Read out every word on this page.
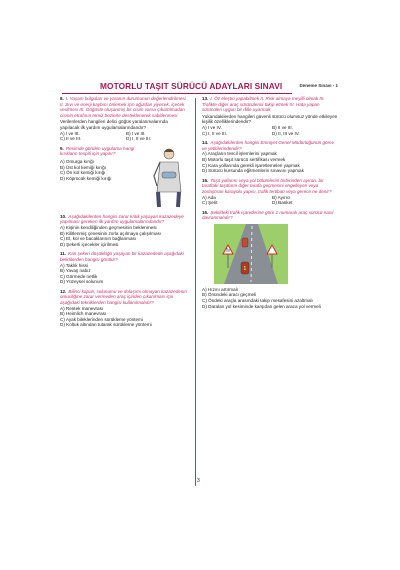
MOTORLU TAŞIT SÜRÜCÜ ADAYLARI SINAVI	Deneme Sınavı - 1
8. I. Yaşam bulguları ve yaranın durumunun değerlendirilmesi II. Sıvı ve enerji kaybını önlemek için ağızdan yiyecek, içecek verilmesi III. Göğüste oluşanmış bir cisim varsa çıkartılmadan cismin etrafının temiz bezlerle desteklenerek sabitlenmesi
Verilenlerden hangileri delici göğüs yaralanmalarında yapılacak ilk yardım uygulamalarındandır?
A) I ve III.	B) I ve III.
C) II ve III.	D) I, II ve III.
9. Resimde görülen uygulama hangi kırıkların tespiti için yapılır?
A) Omurga kırığı
B) Üst kol kemiği kırığı
C) Ön kol kemiği kırığı
D) Köprücük kemiği kırığı
10. Aşağıdakilerden hangisi zarar kritik yaşayan kazazedeye yapılması gereken ilk yardım uygulamalarındandır?
A) Kişinin kendiliğinden geçmesinin beklenmesi
B) Kilitlenmiş çenesinin zorla açılmaya çalışılması
C) El, kol ve bacaklarının bağlanması
D) Şekerli içecekler içirilmesi
11. Kan şekeri düşüklüğü yaşayan bir kazazedede aşağıdaki belirtilerden hangisi görülür?
A) Taklık hissi
B) Yavaş nabız
C) Görmede netlik
D) Yüzeysel solunum
12. Bilinci kapalı, solunumu ve dolaşımı olmayan kazazedenin omuriliğine zarar vermeden araç içinden çıkarılması için aşağıdaki tekniklerden hangisi kullanılmalıdır?
A) Rentek manevrası
B) Heimlich manevrası
C) Ayak bileklerinden sürükleme yöntemi
D) Koltuk altından tutarak sürükleme yöntemi
13. I. Öz eleştiri yapabilmek II. Risk almaya meyilli olmak III. Trafikte diğer araç sürücülerini takip etmek IV. Hata yapan sürücüleri uygun bir dille uyarmak
Yukarıdakilerden hangileri güvenli sürücü olumsuz yönde etkileyen kişilik özelliklerindendir?
A) I ve IV.	B) II ve III.
C) I, II ve III.	D) II, III ve IV.
14. Aşağıdakilerden hangisi Emniyet Genel Müdürlüğünün görev ve yetkilerindendir?
A) Araçların tescil işlemlerini yapmak
B) Motorlu taşıt sürücü sertifikası vermek
C) Kara yollarında gerekli işaretlemeleri yapmak
D) Sürücü kursunda eğitmenlerin sınavını yapmak
15. Taşıt yollarını veya yol bölümlerini birbirinden ayıran, bir taraftaki taşıtların diğer tarafa geçmesini engelleyen veya zorlaştıran karayolu yapısı, trafik tertibatı veya gerece ne denir?
A) Ada	B) Ayırıcı
C) Şerit	D) Banket
16. Şekildeki trafik işaretlerine göre 1 numaralı araç sürücü nasıl davranmalıdır?
1
A) Hızını artırmalı
B) Önündeki aracı geçmeli
C) Öndeki araçla arasındaki takip mesafesini azaltmalı
D) Daralan yol kesiminde karşıdan gelen araca yol vermeli
3
